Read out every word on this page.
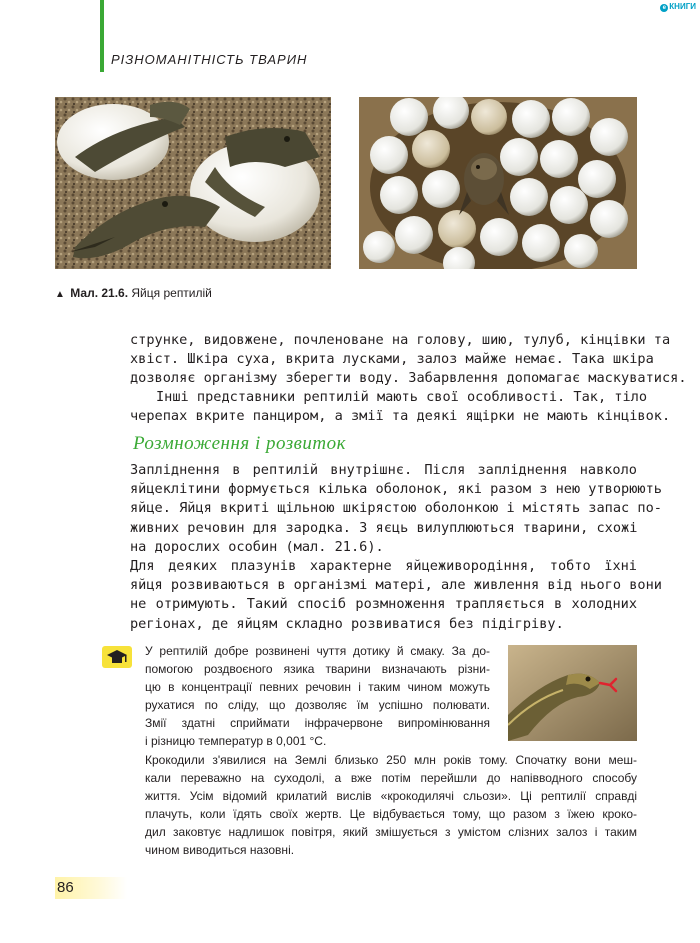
РІЗНОМАНІТНІСТЬ ТВАРИН
e КНИГИ
▲ Мал. 21.6. Яйця рептилій

струнке, видовжене, почленоване на голову, шию, тулуб, кінцівки та
хвіст. Шкіра суха, вкрита лусками, залоз майже немає. Така шкіра
дозволяє організму зберегти воду. Забарвлення допомагає маскуватися.

Інші представники рептилій мають свої особливості. Так, тіло
черепах вкрите панциром, а змії та деякі ящірки не мають кінцівок.

Розмноження і розвиток

Запліднення в рептилій внутрішнє. Після запліднення навколо
яйцеклітини формується кілька оболонок, які разом з нею утворюють
яйце. Яйця вкриті щільною шкірястою оболонкою і містять запас по-
живних речовин для зародка. З яєць вилуплюються тварини, схожі
на дорослих особин (мал. 21.6).

Для деяких плазунів характерне яйцеживородіння, тобто їхні
яйця розвиваються в організмі матері, але живлення від нього вони
не отримують. Такий спосіб розмноження трапляється в холодних
регіонах, де яйцям складно розвиватися без підігріву.

У рептилій добре розвинені чуття дотику й смаку. За до-
помогою роздвоєного язика тварини визначають різни-
цю в концентрації певних речовин і таким чином можуть
рухатися по сліду, що дозволяє їм успішно полювати.
Змії здатні сприймати інфрачервоне випромінювання
і різницю температур в 0,001 °С.

Крокодили з'явилися на Землі близько 250 млн років тому. Спочатку вони меш-
кали переважно на суходолі, а вже потім перейшли до напівводного способу
життя. Усім відомий крилатий вислів «крокодилячі сльози». Ці рептилії справді
плачуть, коли їдять своїх жертв. Це відбувається тому, що разом з їжею кроко-
дил заковтує надлишок повітря, який змішується з умістом слізних залоз і таким
чином виводиться назовні.

86
